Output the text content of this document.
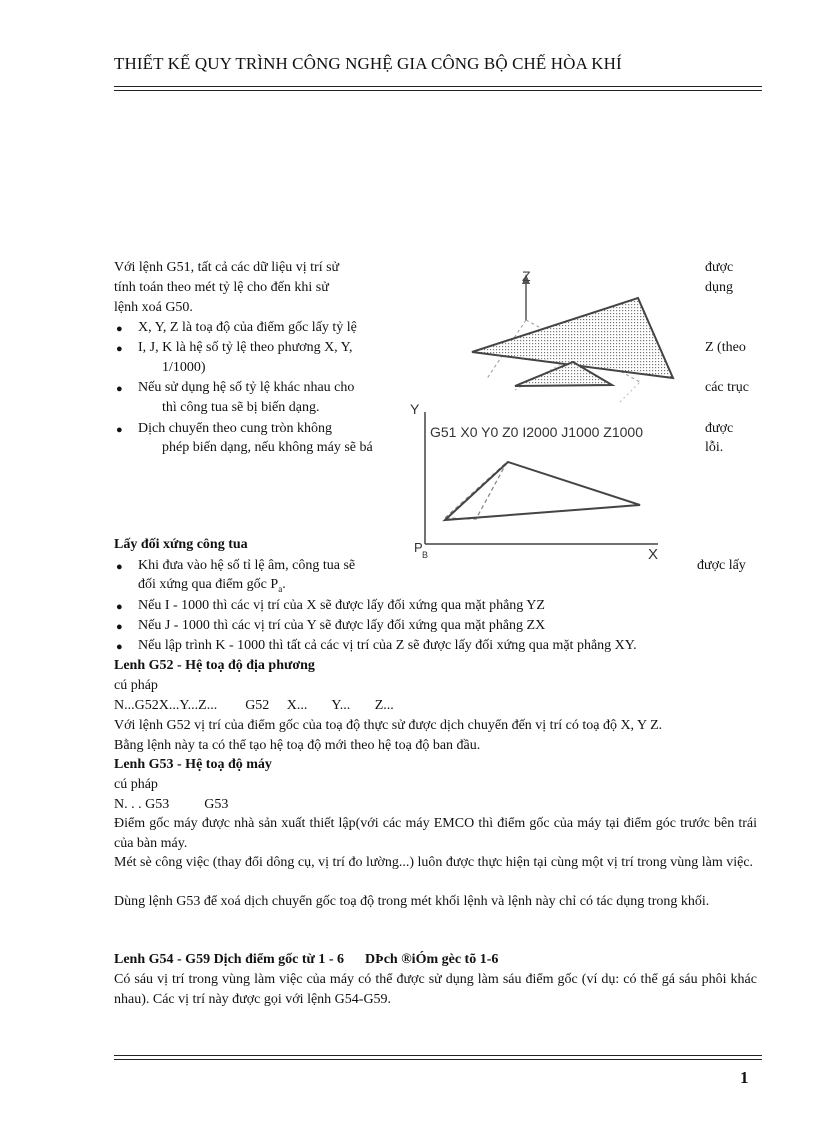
THIẾT KẾ QUY TRÌNH CÔNG NGHỆ GIA CÔNG BỘ CHẾ HÒA KHÍ
Với lệnh G51, tất cả các dữ liệu vị trí sử	được
tính toán theo mét tỷ lệ cho đến khi sử	dụng
lệnh xoá G50.
● X, Y, Z là toạ độ của điểm gốc lấy tỷ lệ
● I, J, K là hệ số tỷ lệ theo phương X, Y,	Z (theo
1/1000)
● Nếu sử dụng hệ số tỷ lệ khác nhau cho	các trục
thì công tua sẽ bị biến dạng.
● Dịch chuyển theo cung tròn không	được
phép biến dạng, nếu không máy sẽ bá	lỗi.
Z
Y
X
P B
G51 X0 Y0 Z0 I2000 J1000 Z1000
Lấy đối xứng công tua
● Khi đưa vào hệ số tỉ lệ âm, công tua sẽ	được lấy
đối xứng qua điểm gốc $P_a$.
● Nếu I - 1000 thì các vị trí của X sẽ được lấy đối xứng qua mặt phẳng YZ
● Nếu J - 1000 thì các vị trí của Y sẽ được lấy đối xứng qua mặt phẳng ZX
● Nếu lập trình K - 1000 thì tất cả các vị trí của Z sẽ được lấy đối xứng qua mặt phẳng XY.
Lenh G52 - Hệ toạ độ địa phương
cú pháp
N...G52X...Y...Z...        G52     X...       Y...       Z...
Với lệnh G52 vị trí của điểm gốc của toạ độ thực sử được dịch chuyển đến vị trí có toạ độ X, Y Z.
Bằng lệnh này ta có thể tạo hệ toạ độ mới theo hệ toạ độ ban đầu.
Lenh G53 - Hệ toạ độ máy
cú pháp
N. . . G53          G53
Điểm gốc máy được nhà sản xuất thiết lập(với các máy EMCO thì điểm gốc của máy tại điểm góc trước bên trái của bàn máy.
Mét sè công việc (thay đổi dông cụ, vị trí đo lường...) luôn được thực hiện tại cùng một vị trí trong vùng làm việc.
Dùng lệnh G53 để xoá dịch chuyển gốc toạ độ trong mét khối lệnh và lệnh này chỉ có tác dụng trong khối.
Lenh G54 - G59 Dịch điểm gốc từ 1 - 6      DÞch ®iÓm gèc tõ 1-6
Có sáu vị trí trong vùng làm việc của máy có thể được sử dụng làm sáu điểm gốc (ví dụ: có thể gá sáu phôi khác nhau). Các vị trí này được gọi với lệnh G54-G59.
1
